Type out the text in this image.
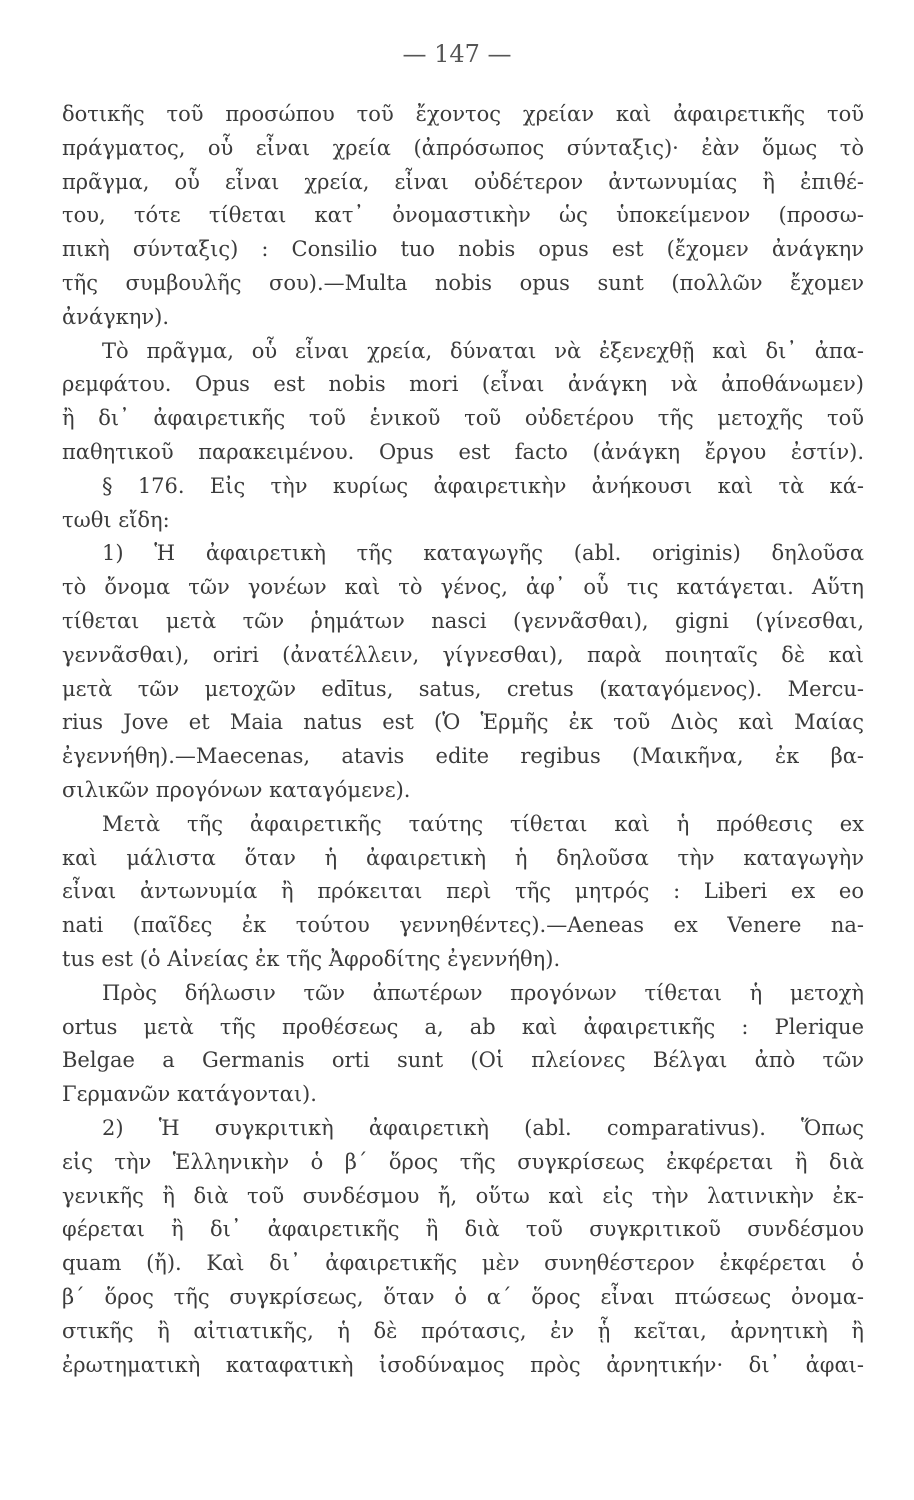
— 147 —
δοτικῆς τοῦ προσώπου τοῦ ἔχοντος χρείαν καὶ ἀφαιρετικῆς τοῦ
πράγματος, οὗ εἶναι χρεία (ἀπρόσωπος σύνταξις)· ἐὰν ὅμως τὸ
πρᾶγμα, οὗ εἶναι χρεία, εἶναι οὐδέτερον ἀντωνυμίας ἢ ἐπιθέ-
του, τότε τίθεται κατ᾽ ὀνομαστικὴν ὡς ὑποκείμενον (προσω-
πικὴ σύνταξις) : Consilio tuo nobis opus est (ἔχομεν ἀνάγκην
τῆς συμβουλῆς σου).—Multa nobis opus sunt (πολλῶν ἔχομεν
ἀνάγκην).
Τὸ πρᾶγμα, οὗ εἶναι χρεία, δύναται νὰ ἐξενεχθῇ καὶ δι᾽ ἀπα-
ρεμφάτου. Opus est nobis mori (εἶναι ἀνάγκη νὰ ἀποθάνωμεν)
ἢ δι᾽ ἀφαιρετικῆς τοῦ ἑνικοῦ τοῦ οὐδετέρου τῆς μετοχῆς τοῦ
παθητικοῦ παρακειμένου. Opus est facto (ἀνάγκη ἔργου ἐστίν).
§ 176. Εἰς τὴν κυρίως ἀφαιρετικὴν ἀνήκουσι καὶ τὰ κά-
τωθι εἴδη:
1) Ἡ ἀφαιρετικὴ τῆς καταγωγῆς (abl. originis) δηλοῦσα
τὸ ὄνομα τῶν γονέων καὶ τὸ γένος, ἀφ᾽ οὗ τις κατάγεται. Αὕτη
τίθεται μετὰ τῶν ῥημάτων nasci (γεννᾶσθαι), gigni (γίνεσθαι,
γεννᾶσθαι), oriri (ἀνατέλλειν, γίγνεσθαι), παρὰ ποιηταῖς δὲ καὶ
μετὰ τῶν μετοχῶν edītus, satus, cretus (καταγόμενος). Mercu-
rius Jove et Maia natus est (Ὁ Ἑρμῆς ἐκ τοῦ Διὸς καὶ Μαίας
ἐγεννήθη).—Maecenas, atavis edite regibus (Μαικῆνα, ἐκ βα-
σιλικῶν προγόνων καταγόμενε).
Μετὰ τῆς ἀφαιρετικῆς ταύτης τίθεται καὶ ἡ πρόθεσις ex
καὶ μάλιστα ὅταν ἡ ἀφαιρετικὴ ἡ δηλοῦσα τὴν καταγωγὴν
εἶναι ἀντωνυμία ἢ πρόκειται περὶ τῆς μητρός : Liberi ex eo
nati (παῖδες ἐκ τούτου γεννηθέντες).—Aeneas ex Venere na-
tus est (ὁ Αἰνείας ἐκ τῆς Ἀφροδίτης ἐγεννήθη).
Πρὸς δήλωσιν τῶν ἀπωτέρων προγόνων τίθεται ἡ μετοχὴ
ortus μετὰ τῆς προθέσεως a, ab καὶ ἀφαιρετικῆς : Plerique
Belgae a Germanis orti sunt (Οἱ πλείονες Βέλγαι ἀπὸ τῶν
Γερμανῶν κατάγονται).
2) Ἡ συγκριτικὴ ἀφαιρετικὴ (abl. comparativus). Ὅπως
εἰς τὴν Ἑλληνικὴν ὁ β΄ ὅρος τῆς συγκρίσεως ἐκφέρεται ἢ διὰ
γενικῆς ἢ διὰ τοῦ συνδέσμου ἤ, οὕτω καὶ εἰς τὴν λατινικὴν ἐκ-
φέρεται ἢ δι᾽ ἀφαιρετικῆς ἢ διὰ τοῦ συγκριτικοῦ συνδέσμου
quam (ἤ). Καὶ δι᾽ ἀφαιρετικῆς μὲν συνηθέστερον ἐκφέρεται ὁ
β΄ ὅρος τῆς συγκρίσεως, ὅταν ὁ α΄ ὅρος εἶναι πτώσεως ὀνομα-
στικῆς ἢ αἰτιατικῆς, ἡ δὲ πρότασις, ἐν ᾗ κεῖται, ἀρνητικὴ ἢ
ἐρωτηματικὴ καταφατικὴ ἰσοδύναμος πρὸς ἀρνητικήν· δι᾽ ἀφαι-
